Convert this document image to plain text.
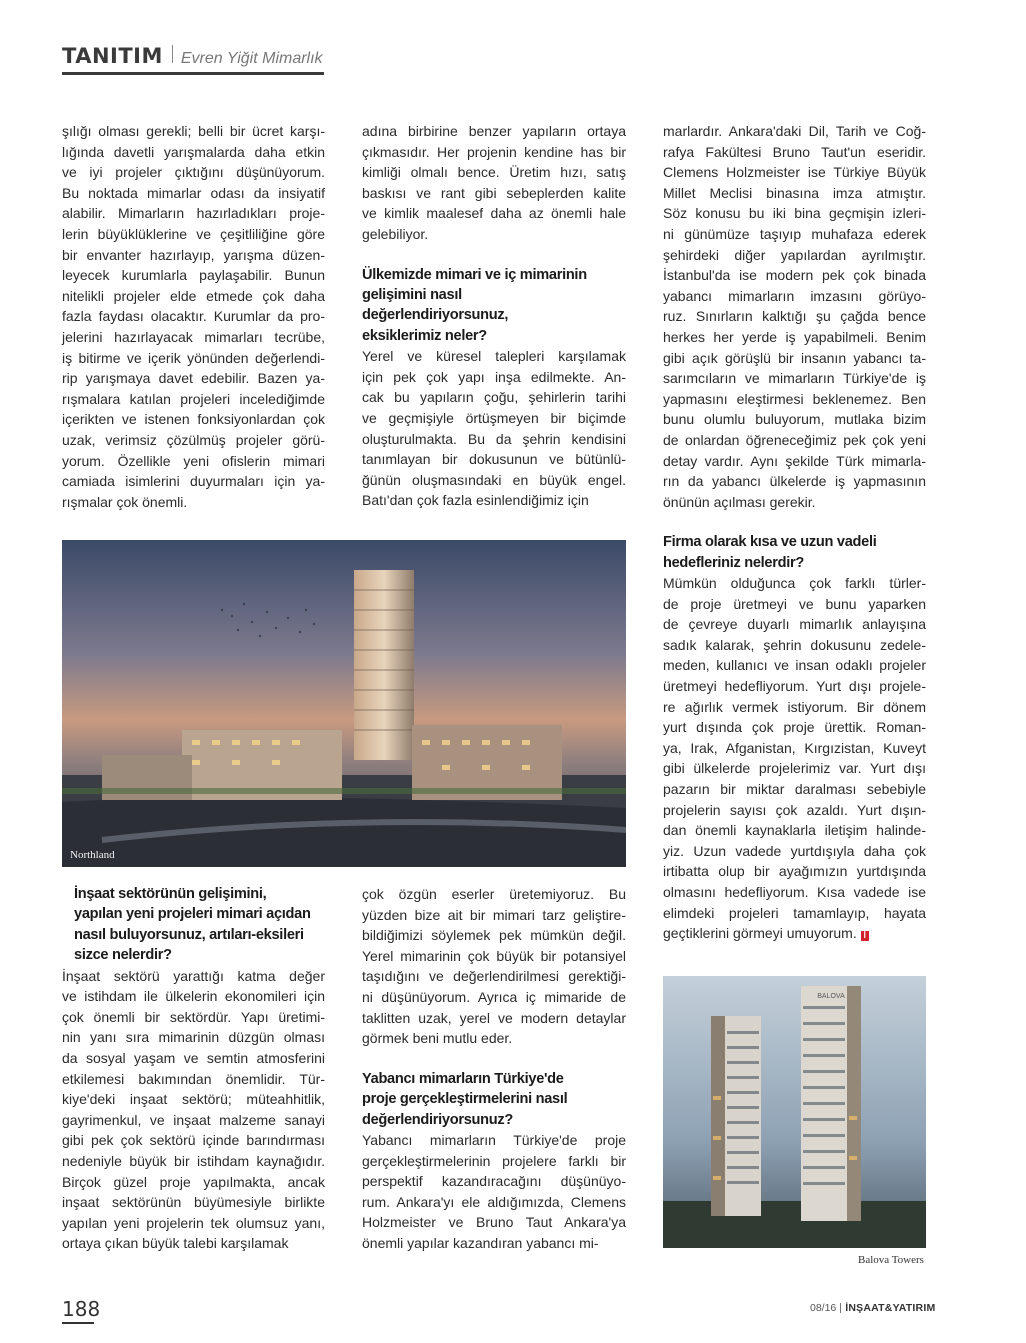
TANITIM Evren Yiğit Mimarlık

şılığı olması gerekli; belli bir ücret karşı-

lığında davetli yarışmalarda daha etkin

ve iyi projeler çıktığını düşünüyorum.

Bu noktada mimarlar odası da insiyatif

alabilir. Mimarların hazırladıkları proje-

lerin büyüklüklerine ve çeşitliliğine göre

bir envanter hazırlayıp, yarışma düzen-

leyecek kurumlarla paylaşabilir. Bunun

nitelikli projeler elde etmede çok daha

fazla faydası olacaktır. Kurumlar da pro-

jelerini hazırlayacak mimarları tecrübe,

iş bitirme ve içerik yönünden değerlendi-

rip yarışmaya davet edebilir. Bazen ya-

rışmalara katılan projeleri incelediğimde

içerikten ve istenen fonksiyonlardan çok

uzak, verimsiz çözülmüş projeler görü-

yorum. Özellikle yeni ofislerin mimari

camiada isimlerini duyurmaları için ya-

rışmalar çok önemli.

adına birbirine benzer yapıların ortaya

çıkmasıdır. Her projenin kendine has bir

kimliği olmalı bence. Üretim hızı, satış

baskısı ve rant gibi sebeplerden kalite

ve kimlik maalesef daha az önemli hale

gelebiliyor.

Ülkemizde mimari ve iç mimarinin
gelişimini nasıl
değerlendiriyorsunuz,
eksiklerimiz neler?

Yerel ve küresel talepleri karşılamak

için pek çok yapı inşa edilmekte. An-

cak bu yapıların çoğu, şehirlerin tarihi

ve geçmişiyle örtüşmeyen bir biçimde

oluşturulmakta. Bu da şehrin kendisini

tanımlayan bir dokusunun ve bütünlü-

ğünün oluşmasındaki en büyük engel.

Batı'dan çok fazla esinlendiğimiz için

marlardır. Ankara'daki Dil, Tarih ve Coğ-

rafya Fakültesi Bruno Taut'un eseridir.

Clemens Holzmeister ise Türkiye Büyük

Millet Meclisi binasına imza atmıştır.

Söz konusu bu iki bina geçmişin izleri-

ni günümüze taşıyıp muhafaza ederek

şehirdeki diğer yapılardan ayrılmıştır.

İstanbul'da ise modern pek çok binada

yabancı mimarların imzasını görüyo-

ruz. Sınırların kalktığı şu çağda bence

herkes her yerde iş yapabilmeli. Benim

gibi açık görüşlü bir insanın yabancı ta-

sarımcıların ve mimarların Türkiye'de iş

yapmasını eleştirmesi beklenemez. Ben

bunu olumlu buluyorum, mutlaka bizim

de onlardan öğreneceğimiz pek çok yeni

detay vardır. Aynı şekilde Türk mimarla-

rın da yabancı ülkelerde iş yapmasının

önünün açılması gerekir.

Firma olarak kısa ve uzun vadeli
hedefleriniz nelerdir?

Mümkün olduğunca çok farklı türler-

de proje üretmeyi ve bunu yaparken

de çevreye duyarlı mimarlık anlayışına

sadık kalarak, şehrin dokusunu zedele-

meden, kullanıcı ve insan odaklı projeler

üretmeyi hedefliyorum. Yurt dışı projele-

re ağırlık vermek istiyorum. Bir dönem

yurt dışında çok proje ürettik. Roman-

ya, Irak, Afganistan, Kırgızistan, Kuveyt

gibi ülkelerde projelerimiz var. Yurt dışı

pazarın bir miktar daralması sebebiyle

projelerin sayısı çok azaldı. Yurt dışın-

dan önemli kaynaklarla iletişim halinde-

yiz. Uzun vadede yurtdışıyla daha çok

irtibatta olup bir ayağımızın yurtdışında

olmasını hedefliyorum. Kısa vadede ise

elimdeki projeleri tamamlayıp, hayata

geçtiklerini görmeyi umuyorum. İ
Northland
İnşaat sektörünün gelişimini,
yapılan yeni projeleri mimari açıdan
nasıl buluyorsunuz, artıları-eksileri
sizce nelerdir?

İnşaat sektörü yarattığı katma değer

ve istihdam ile ülkelerin ekonomileri için

çok önemli bir sektördür. Yapı üretimi-

nin yanı sıra mimarinin düzgün olması

da sosyal yaşam ve semtin atmosferini

etkilemesi bakımından önemlidir. Tür-

kiye'deki inşaat sektörü; müteahhitlik,

gayrimenkul, ve inşaat malzeme sanayi

gibi pek çok sektörü içinde barındırması

nedeniyle büyük bir istihdam kaynağıdır.

Birçok güzel proje yapılmakta, ancak

inşaat sektörünün büyümesiyle birlikte

yapılan yeni projelerin tek olumsuz yanı,

ortaya çıkan büyük talebi karşılamak

çok özgün eserler üretemiyoruz. Bu

yüzden bize ait bir mimari tarz geliştire-

bildiğimizi söylemek pek mümkün değil.

Yerel mimarinin çok büyük bir potansiyel

taşıdığını ve değerlendirilmesi gerektiği-

ni düşünüyorum. Ayrıca iç mimaride de

taklitten uzak, yerel ve modern detaylar

görmek beni mutlu eder.

Yabancı mimarların Türkiye'de
proje gerçekleştirmelerini nasıl
değerlendiriyorsunuz?

Yabancı mimarların Türkiye'de proje

gerçekleştirmelerinin projelere farklı bir

perspektif kazandıracağını düşünüyo-

rum. Ankara'yı ele aldığımızda, Clemens

Holzmeister ve Bruno Taut Ankara'ya

önemli yapılar kazandıran yabancı mi-

BALOVA
Balova Towers
188	08/16 İNŞAAT&YATIRIM
